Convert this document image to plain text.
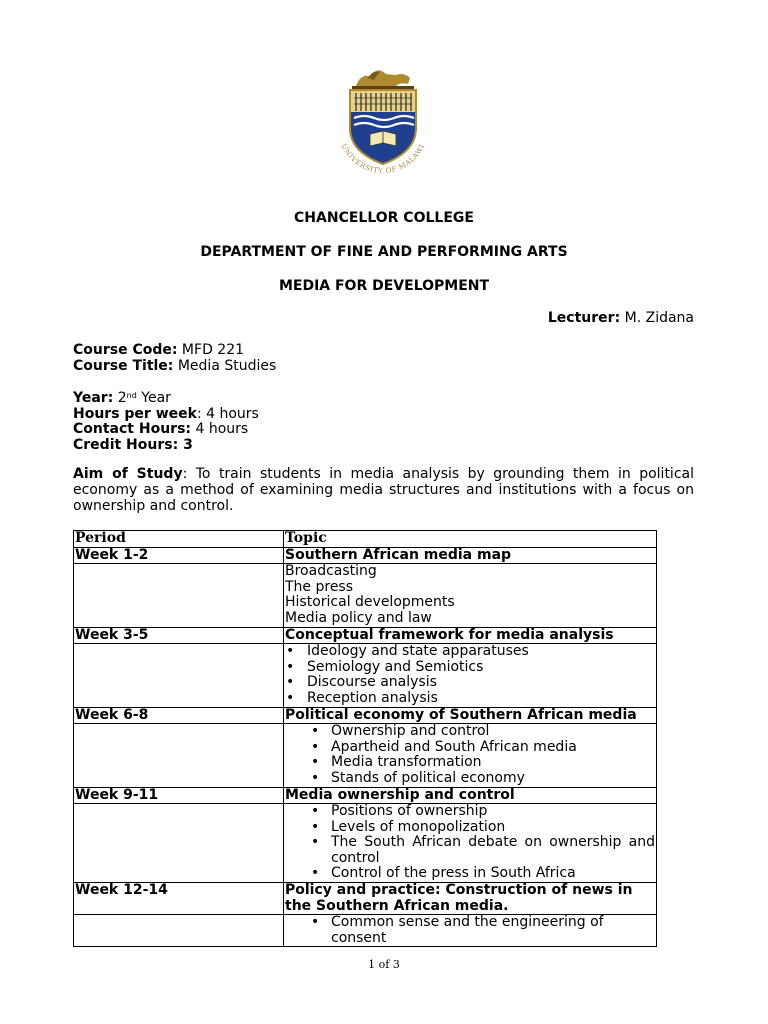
UNIVERSITY OF MALAWI
CHANCELLOR COLLEGE
DEPARTMENT OF FINE AND PERFORMING ARTS
MEDIA FOR DEVELOPMENT
Lecturer: M. Zidana
Course Code: MFD 221
Course Title: Media Studies
Year: 2nd Year
Hours per week: 4 hours
Contact Hours: 4 hours
Credit Hours: 3
Aim of Study: To train students in media analysis by grounding them in political economy as a method of examining media structures and institutions with a focus on ownership and control.
Period	Topic
Week 1-2	Southern African media map

	Broadcasting
The press
Historical developments
Media policy and law

Week 3-5	Conceptual framework for media analysis

	• Ideology and state apparatuses
• Semiology and Semiotics
• Discourse analysis
• Reception analysis

Week 6-8	Political economy of Southern African media

	• Ownership and control
• Apartheid and South African media
• Media transformation
• Stands of political economy

Week 9-11	Media ownership and control

	• Positions of ownership
• Levels of monopolization
• The South African debate on ownership and control
• Control of the press in South Africa

Week 12-14	Policy and practice: Construction of news in the Southern African media.

	• Common sense and the engineering of consent
1 of 3
